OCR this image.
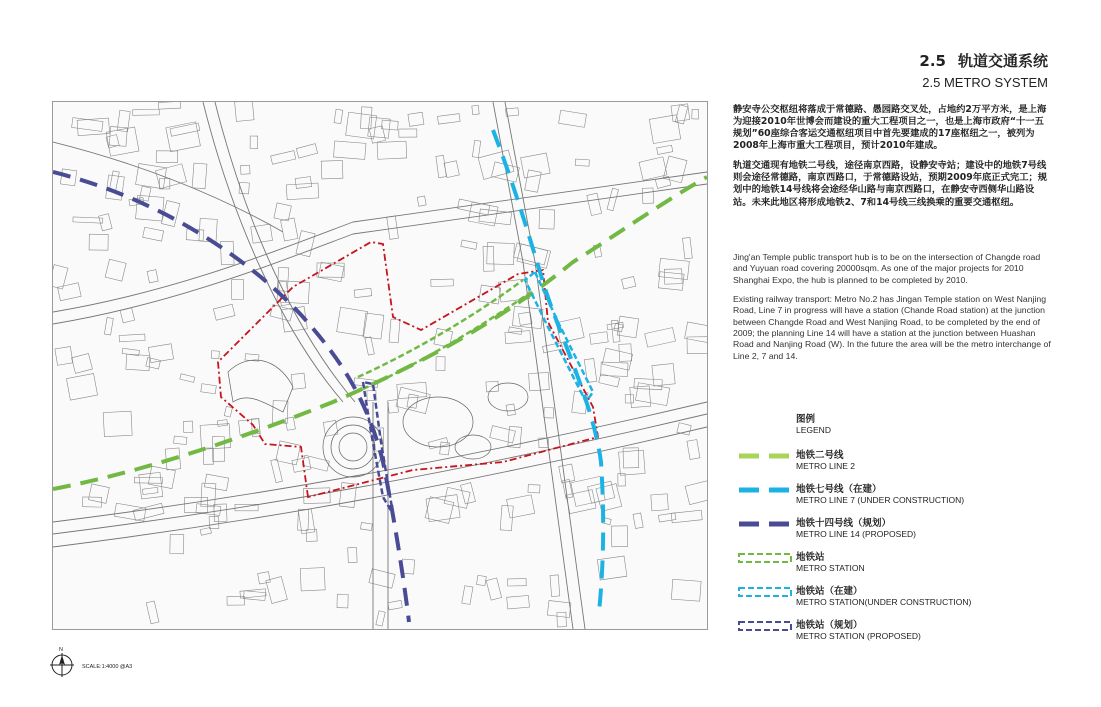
2.5 轨道交通系统
2.5 METRO SYSTEM

静安寺公交枢纽将落成于常德路、愚园路交叉处，占地约2万平方米，是上海为迎接2010年世博会而建设的重大工程项目之一，也是上海市政府“十一五规划”60座综合客运交通枢纽项目中首先要建成的17座枢纽之一，被列为2008年上海市重大工程项目，预计2010年建成。

轨道交通现有地铁二号线，途径南京西路，设静安寺站；建设中的地铁7号线则会途径常德路，南京西路口，于常德路设站，预期2009年底正式完工；规划中的地铁14号线将会途经华山路与南京西路口，在静安寺西侧华山路设站。未来此地区将形成地铁2、7和14号线三线换乘的重要交通枢纽。

Jing'an Temple public transport hub is to be on the intersection of Changde road and Yuyuan road covering 20000sqm. As one of the major projects for 2010 Shanghai Expo, the hub is planned to be completed by 2010.

Existing railway transport: Metro No.2 has Jingan Temple station on West Nanjing Road, Line 7 in progress will have a station (Chande Road station) at the junction between Changde Road and West Nanjing Road, to be completed by the end of 2009; the planning Line 14 will have a station at the junction between Huashan Road and Nanjing Road (W). In the future the area will be the metro interchange of Line 2, 7 and 14.

图例
LEGEND
地铁二号线
METRO LINE 2
地铁七号线（在建）
METRO LINE 7 (UNDER CONSTRUCTION)
地铁十四号线（规划）
METRO LINE 14 (PROPOSED)
地铁站
METRO STATION
地铁站（在建）
METRO STATION(UNDER CONSTRUCTION)
地铁站（规划）
METRO STATION (PROPOSED)
N
SCALE:1:4000 @A3
